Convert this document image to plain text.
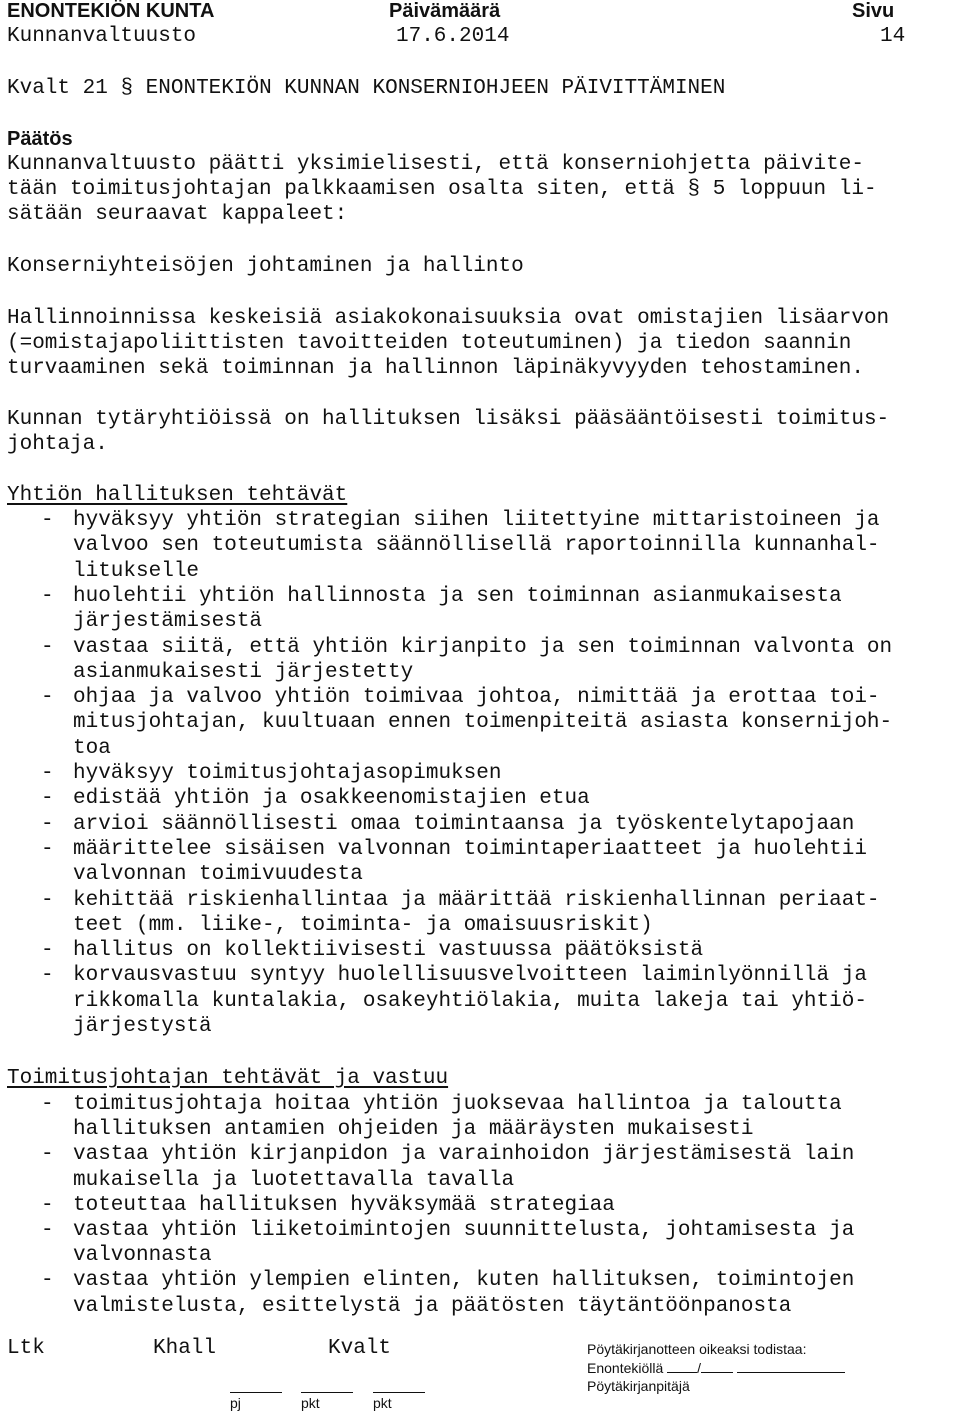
ENONTEKIÖN KUNTA	Päivämäärä	Sivu
Kunnanvaltuusto	17.6.2014	14
Kvalt 21 § ENONTEKIÖN KUNNAN KONSERNIOHJEEN PÄIVITTÄMINEN
Päätös
Kunnanvaltuusto päätti yksimielisesti, että konserniohjetta päivite-
tään toimitusjohtajan palkkaamisen osalta siten, että § 5 loppuun li-
sätään seuraavat kappaleet:
Konserniyhteisöjen johtaminen ja hallinto
Hallinnoinnissa keskeisiä asiakokonaisuuksia ovat omistajien lisäarvon
(=omistajapoliittisten tavoitteiden toteutuminen) ja tiedon saannin
turvaaminen sekä toiminnan ja hallinnon läpinäkyvyyden tehostaminen.
Kunnan tytäryhtiöissä on hallituksen lisäksi pääsääntöisesti toimitus-
johtaja.
Yhtiön hallituksen tehtävät
- hyväksyy yhtiön strategian siihen liitettyine mittaristoineen ja
valvoo sen toteutumista säännöllisellä raportoinnilla kunnanhal-
litukselle
- huolehtii yhtiön hallinnosta ja sen toiminnan asianmukaisesta
järjestämisestä
- vastaa siitä, että yhtiön kirjanpito ja sen toiminnan valvonta on
asianmukaisesti järjestetty
- ohjaa ja valvoo yhtiön toimivaa johtoa, nimittää ja erottaa toi-
mitusjohtajan, kuultuaan ennen toimenpiteitä asiasta konsernijoh-
toa
- hyväksyy toimitusjohtajasopimuksen
- edistää yhtiön ja osakkeenomistajien etua
- arvioi säännöllisesti omaa toimintaansa ja työskentelytapojaan
- määrittelee sisäisen valvonnan toimintaperiaatteet ja huolehtii
valvonnan toimivuudesta
- kehittää riskienhallintaa ja määrittää riskienhallinnan periaat-
teet (mm. liike-, toiminta- ja omaisuusriskit)
- hallitus on kollektiivisesti vastuussa päätöksistä
- korvausvastuu syntyy huolellisuusvelvoitteen laiminlyönnillä ja
rikkomalla kuntalakia, osakeyhtiölakia, muita lakeja tai yhtiö-
järjestystä
Toimitusjohtajan tehtävät ja vastuu
- toimitusjohtaja hoitaa yhtiön juoksevaa hallintoa ja taloutta
hallituksen antamien ohjeiden ja määräysten mukaisesti
- vastaa yhtiön kirjanpidon ja varainhoidon järjestämisestä lain
mukaisella ja luotettavalla tavalla
- toteuttaa hallituksen hyväksymää strategiaa
- vastaa yhtiön liiketoimintojen suunnittelusta, johtamisesta ja
valvonnasta
- vastaa yhtiön ylempien elinten, kuten hallituksen, toimintojen
valmistelusta, esittelystä ja päätösten täytäntöönpanosta
Ltk	Khall	Kvalt	Pöytäkirjanotteen oikeaksi todistaa:
Enontekiöllä /
Pöytäkirjanpitäjä
pj	pkt	pkt
